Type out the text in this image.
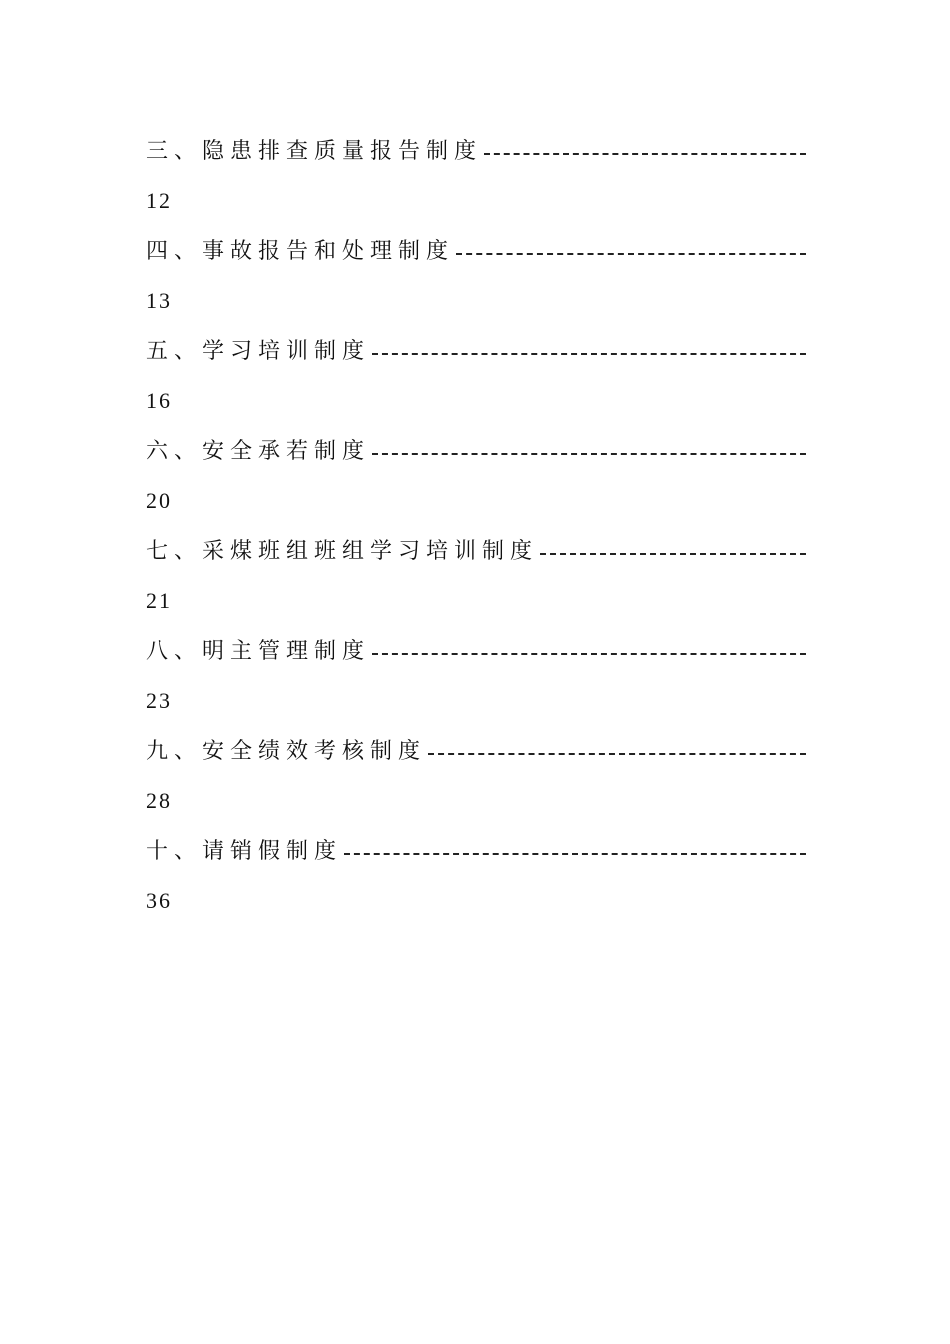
三、隐患排查质量报告制度
12
四、事故报告和处理制度
13
五、学习培训制度
16
六、安全承若制度
20
七、采煤班组班组学习培训制度
21
八、明主管理制度
23
九、安全绩效考核制度
28
十、请销假制度
36
